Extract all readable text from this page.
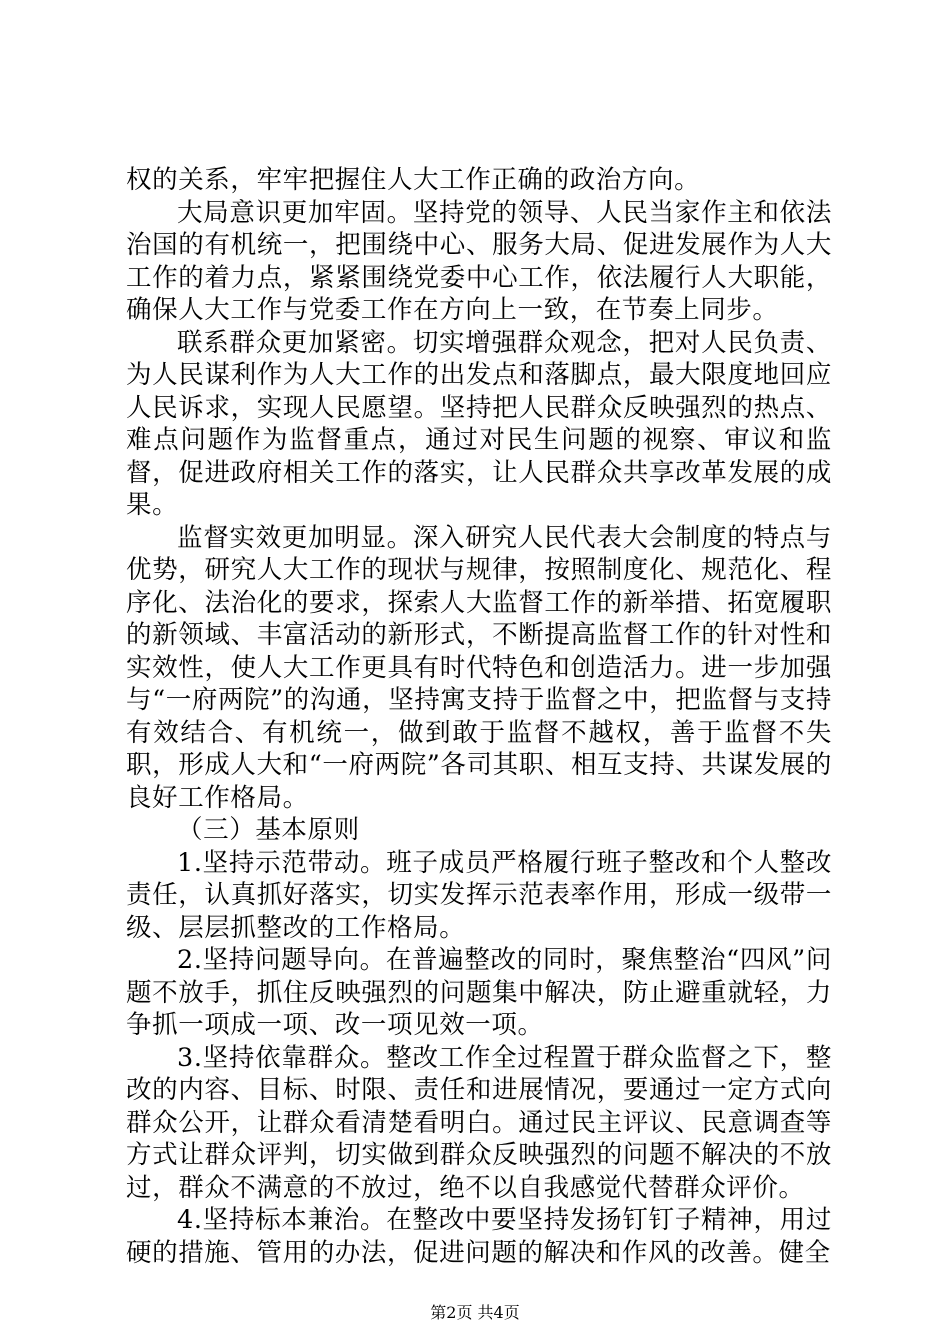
权的关系，牢牢把握住人大工作正确的政治方向。

大局意识更加牢固。坚持党的领导、人民当家作主和依法治国的有机统一，把围绕中心、服务大局、促进发展作为人大工作的着力点，紧紧围绕党委中心工作，依法履行人大职能，确保人大工作与党委工作在方向上一致，在节奏上同步。

联系群众更加紧密。切实增强群众观念，把对人民负责、为人民谋利作为人大工作的出发点和落脚点，最大限度地回应人民诉求，实现人民愿望。坚持把人民群众反映强烈的热点、难点问题作为监督重点，通过对民生问题的视察、审议和监督，促进政府相关工作的落实，让人民群众共享改革发展的成果。

监督实效更加明显。深入研究人民代表大会制度的特点与优势，研究人大工作的现状与规律，按照制度化、规范化、程序化、法治化的要求，探索人大监督工作的新举措、拓宽履职的新领域、丰富活动的新形式，不断提高监督工作的针对性和实效性，使人大工作更具有时代特色和创造活力。进一步加强与“一府两院”的沟通，坚持寓支持于监督之中，把监督与支持有效结合、有机统一，做到敢于监督不越权，善于监督不失职，形成人大和“一府两院”各司其职、相互支持、共谋发展的良好工作格局。

（三）基本原则

1.坚持示范带动。班子成员严格履行班子整改和个人整改责任，认真抓好落实，切实发挥示范表率作用，形成一级带一级、层层抓整改的工作格局。

2.坚持问题导向。在普遍整改的同时，聚焦整治“四风”问题不放手，抓住反映强烈的问题集中解决，防止避重就轻，力争抓一项成一项、改一项见效一项。

3.坚持依靠群众。整改工作全过程置于群众监督之下，整改的内容、目标、时限、责任和进展情况，要通过一定方式向群众公开，让群众看清楚看明白。通过民主评议、民意调查等方式让群众评判，切实做到群众反映强烈的问题不解决的不放过，群众不满意的不放过，绝不以自我感觉代替群众评价。

4.坚持标本兼治。在整改中要坚持发扬钉钉子精神，用过硬的措施、管用的办法，促进问题的解决和作风的改善。健全

第2页 共4页
